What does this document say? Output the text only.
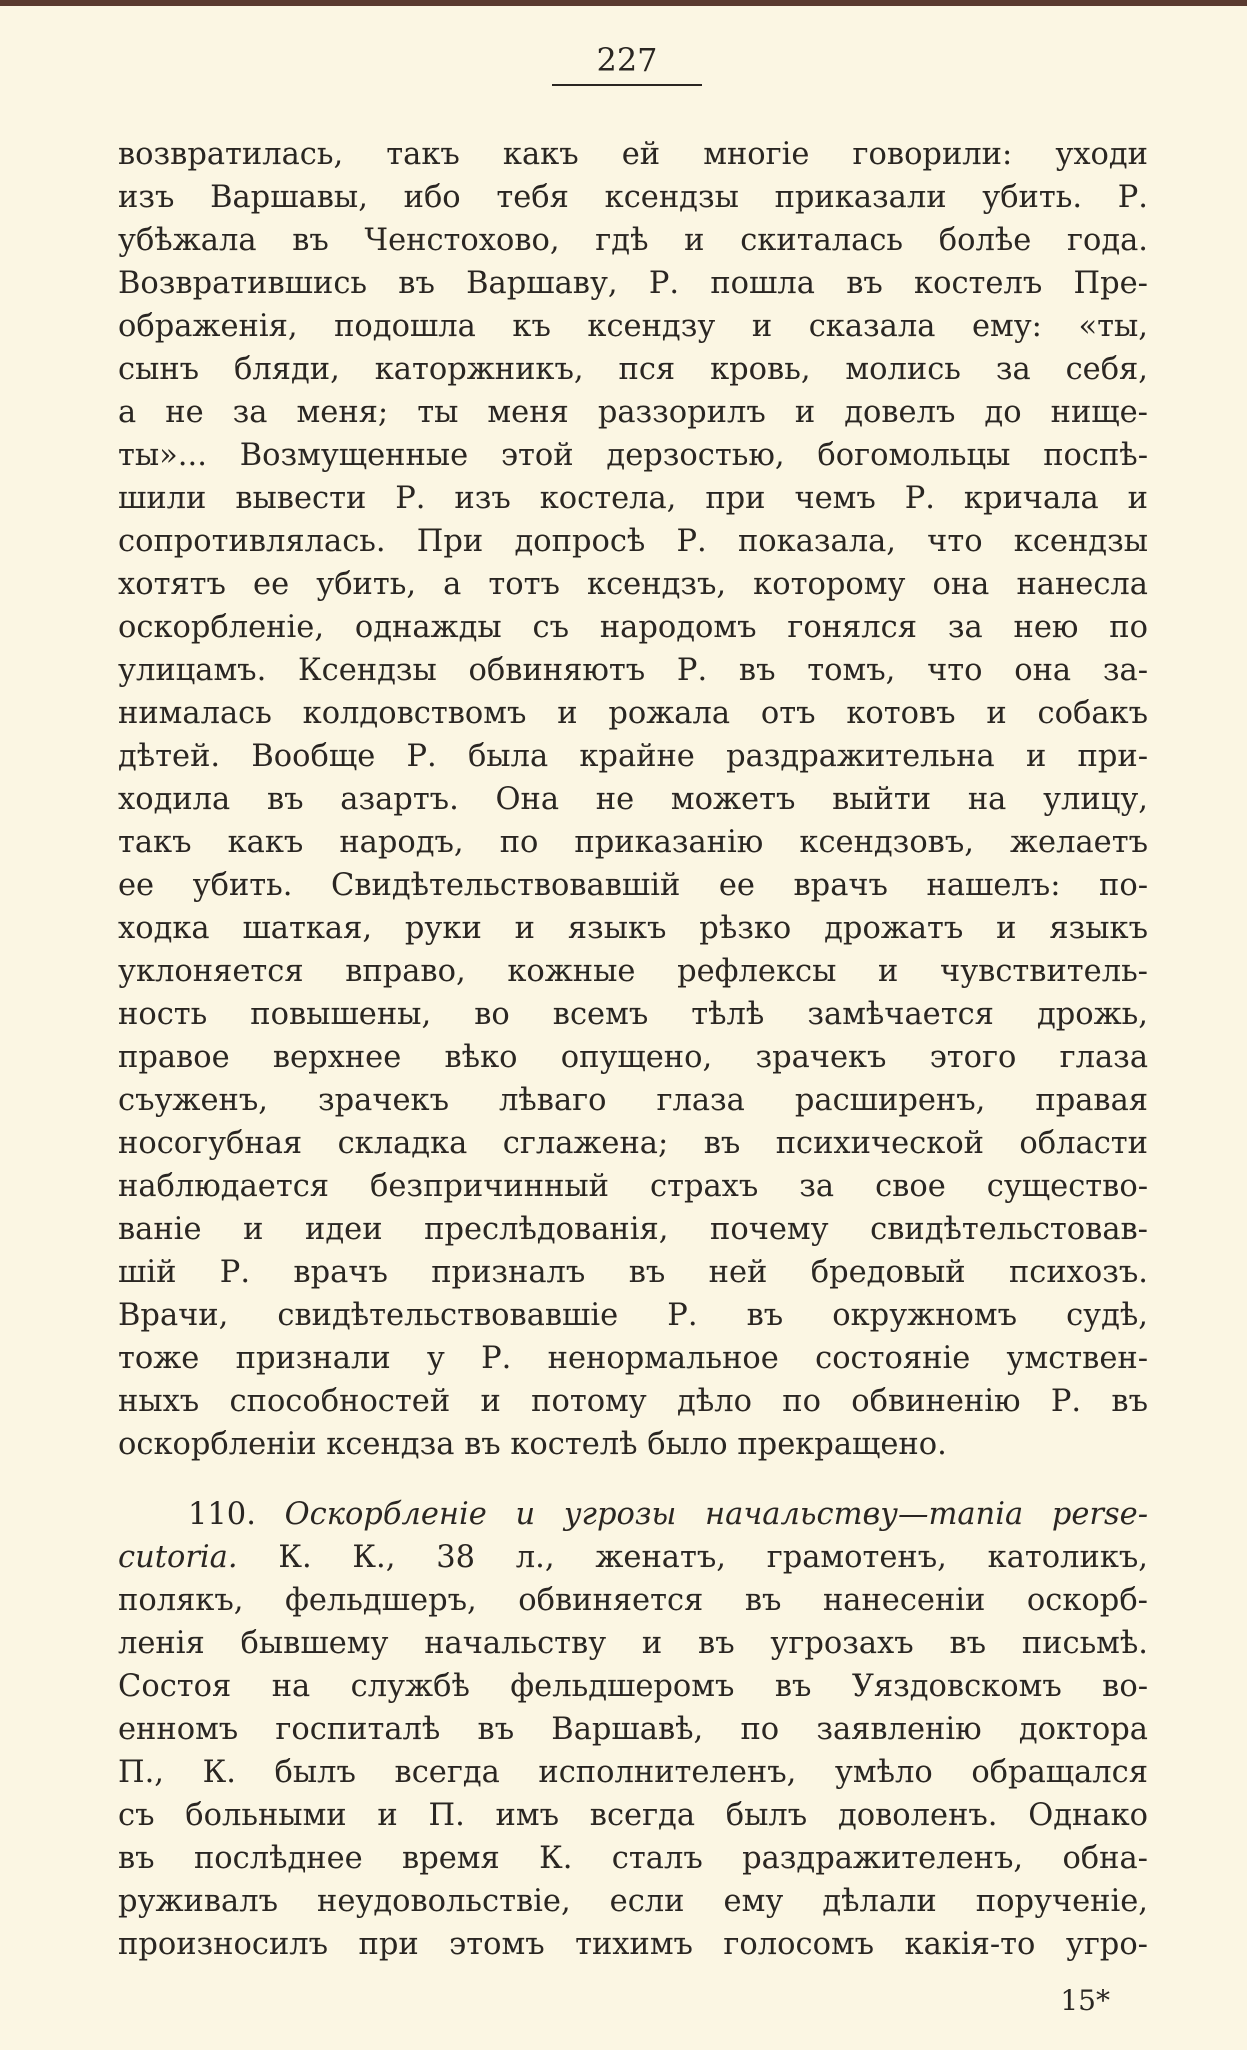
227
возвратилась, такъ какъ ей многіе говорили: уходи
изъ Варшавы, ибо тебя ксендзы приказали убить. Р.
убѣжала въ Ченстохово, гдѣ и скиталась болѣе года.
Возвратившись въ Варшаву, Р. пошла въ костелъ Пре-
ображенія, подошла къ ксендзу и сказала ему: «ты,
сынъ бляди, каторжникъ, пся кровь, молись за себя,
а не за меня; ты меня раззорилъ и довелъ до нище-
ты»... Возмущенные этой дерзостью, богомольцы поспѣ-
шили вывести Р. изъ костела, при чемъ Р. кричала и
сопротивлялась. При допросѣ Р. показала, что ксендзы
хотятъ ее убить, а тотъ ксендзъ, которому она нанесла
оскорбленіе, однажды съ народомъ гонялся за нею по
улицамъ. Ксендзы обвиняютъ Р. въ томъ, что она за-
нималась колдовствомъ и рожала отъ котовъ и собакъ
дѣтей. Вообще Р. была крайне раздражительна и при-
ходила въ азартъ. Она не можетъ выйти на улицу,
такъ какъ народъ, по приказанію ксендзовъ, желаетъ
ее убить. Свидѣтельствовавшій ее врачъ нашелъ: по-
ходка шаткая, руки и языкъ рѣзко дрожатъ и языкъ
уклоняется вправо, кожные рефлексы и чувствитель-
ность повышены, во всемъ тѣлѣ замѣчается дрожь,
правое верхнее вѣко опущено, зрачекъ этого глаза
съуженъ, зрачекъ лѣваго глаза расширенъ, правая
носогубная складка сглажена; въ психической области
наблюдается безпричинный страхъ за свое существо-
ваніе и идеи преслѣдованія, почему свидѣтельстовав-
шій Р. врачъ призналъ въ ней бредовый психозъ.
Врачи, свидѣтельствовавшіе Р. въ окружномъ судѣ,
тоже признали у Р. ненормальное состояніе умствен-
ныхъ способностей и потому дѣло по обвиненію Р. въ
оскорбленіи ксендза въ костелѣ было прекращено.
110. Оскорбленіе и угрозы начальству—mania perse-
cutoria. К. К., 38 л., женатъ, грамотенъ, католикъ,
полякъ, фельдшеръ, обвиняется въ нанесеніи оскорб-
ленія бывшему начальству и въ угрозахъ въ письмѣ.
Состоя на службѣ фельдшеромъ въ Уяздовскомъ во-
енномъ госпиталѣ въ Варшавѣ, по заявленію доктора
П., К. былъ всегда исполнителенъ, умѣло обращался
съ больными и П. имъ всегда былъ доволенъ. Однако
въ послѣднее время К. сталъ раздражителенъ, обна-
руживалъ неудовольствіе, если ему дѣлали порученіе,
произносилъ при этомъ тихимъ голосомъ какія-то угро-
15*
